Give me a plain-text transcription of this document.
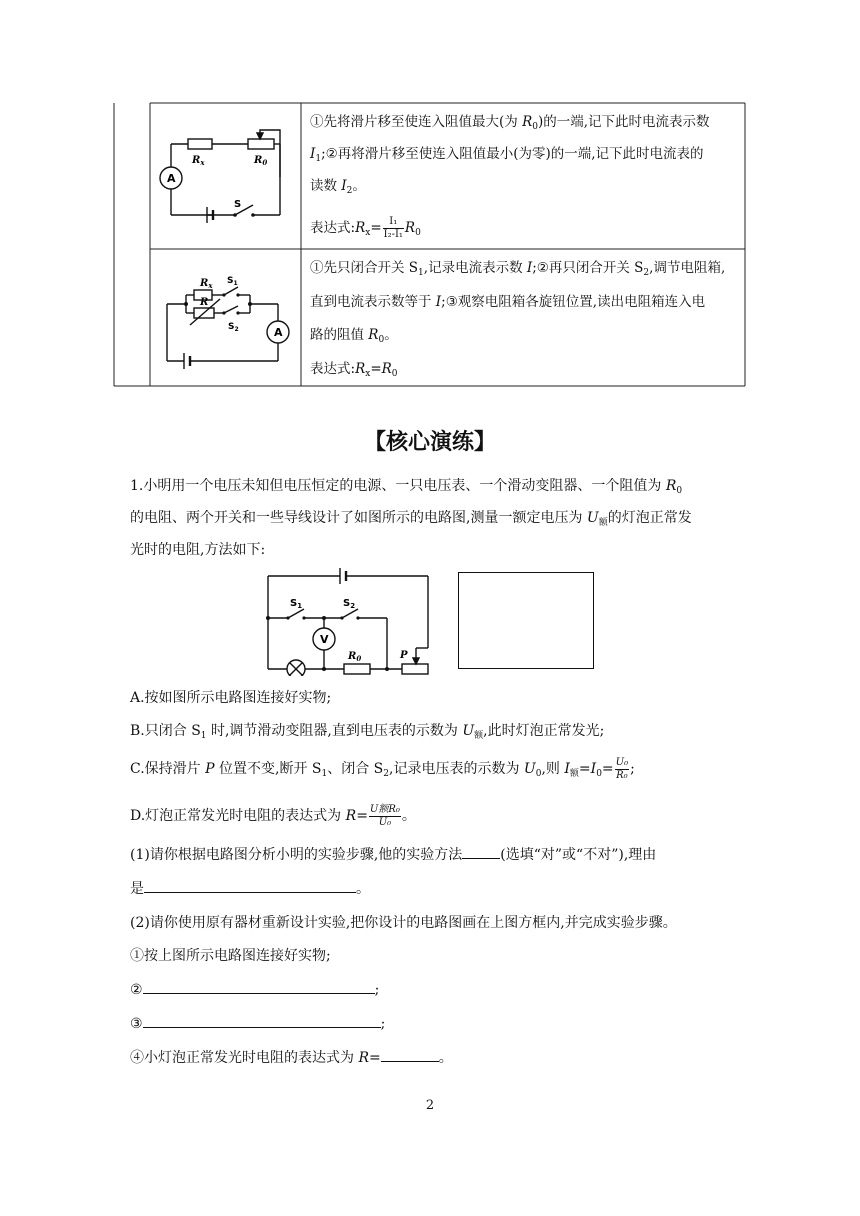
A
$R_x$	$R_0$
S
A
$R_x$ $S_1$
R
$S_2$
①先将滑片移至使连入阻值最大(为 $R_0$)的一端,记下此时电流表示数
$I_1;②$再将滑片移至使连入阻值最小(为零)的一端,记下此时电流表的
读数 $I_2$。
表达式$:R_x= \frac{\text{I₁}}{\text{I₂-I₁}} R_0$
①先只闭合开关 $S_1$,记录电流表示数 I;②再只闭合开关 $S_2$,调节电阻箱,
直到电流表示数等于 I;③观察电阻箱各旋钮位置,读出电阻箱连入电
路的阻值 $R_0$。
表达式$:R_x=R_0$
【核心演练】
1.小明用一个电压未知但电压恒定的电源、一只电压表、一个滑动变阻器、一个阻值为 $R_0$
的电阻、两个开关和一些导线设计了如图所示的电路图,测量一额定电压为 $U_额$的灯泡正常发
光时的电阻,方法如下:
V
$S_1$	$S_2$
$R_0$	P
A.按如图所示电路图连接好实物;
B.只闭合 $S_1$ 时,调节滑动变阻器,直到电压表的示数为 $U_额$,此时灯泡正常发光;
C.保持滑片 P 位置不变,断开 $S_1$、闭合 $S_2$,记录电压表的示数为 $U_0$,则 $I_额=I_0= \frac{\text{U₀}}{\text{R₀}}$ ;
D.灯泡正常发光时电阻的表达式为 $R= \frac{\text{U额R₀}}{\text{U₀}}$ 。
(1)请你根据电路图分析小明的实验步骤,他的实验方法	(选填“对”或“不对”),理由
是	。
(2)请你使用原有器材重新设计实验,把你设计的电路图画在上图方框内,并完成实验步骤。
①按上图所示电路图连接好实物;
②	;
③	;
④小灯泡正常发光时电阻的表达式为 R=	。
2
